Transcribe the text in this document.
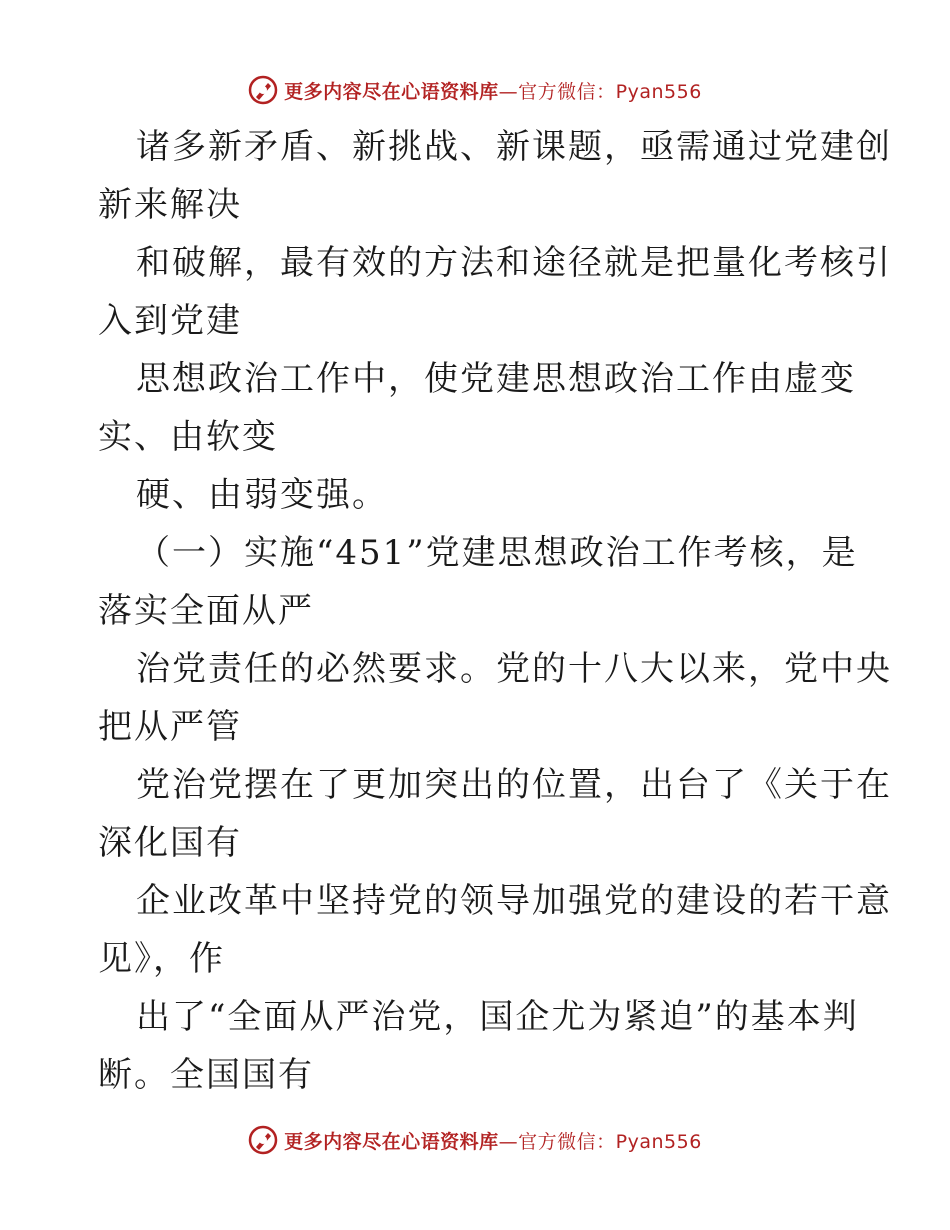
更多内容尽在心语资料库—官方微信：Pyan556
诸多新矛盾、新挑战、新课题，亟需通过党建创
新来解决
和破解，最有效的方法和途径就是把量化考核引
入到党建
思想政治工作中，使党建思想政治工作由虚变
实、由软变
硬、由弱变强。
（一）实施“451”党建思想政治工作考核，是
落实全面从严
治党责任的必然要求。党的十八大以来，党中央
把从严管
党治党摆在了更加突出的位置，出台了《关于在
深化国有
企业改革中坚持党的领导加强党的建设的若干意
见》，作
出了“全面从严治党，国企尤为紧迫”的基本判
断。全国国有
更多内容尽在心语资料库—官方微信：Pyan556
